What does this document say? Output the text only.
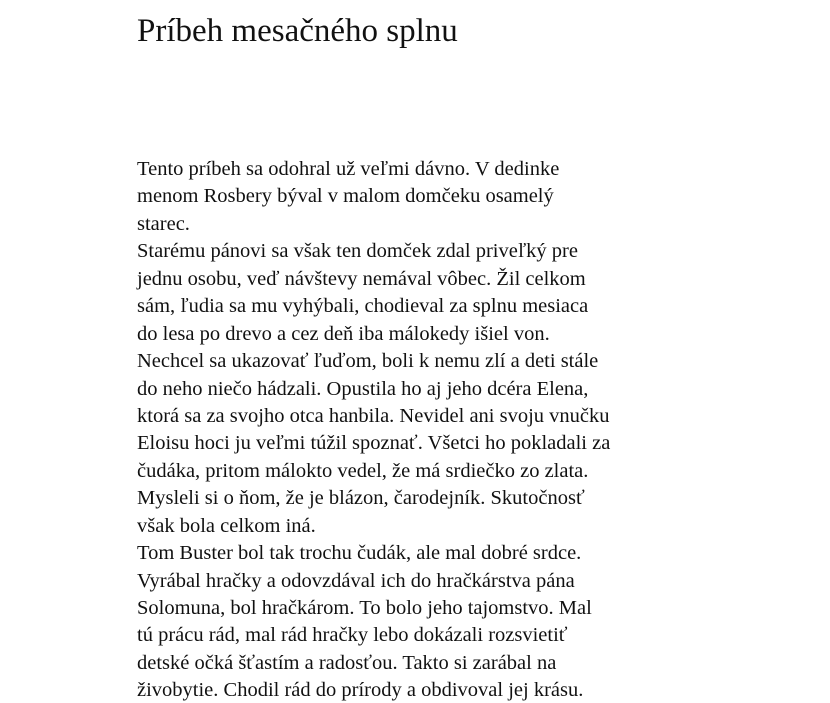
Príbeh mesačného splnu
Tento príbeh sa odohral už veľmi dávno. V dedinke
menom Rosbery býval v malom domčeku osamelý
starec.
Starému pánovi sa však ten domček zdal priveľký pre
jednu osobu, veď návštevy nemával vôbec. Žil celkom
sám, ľudia sa mu vyhýbali, chodieval za splnu mesiaca
do lesa po drevo a cez deň iba málokedy išiel von.
Nechcel sa ukazovať ľuďom, boli k nemu zlí a deti stále
do neho niečo hádzali. Opustila ho aj jeho dcéra Elena,
ktorá sa za svojho otca hanbila. Nevidel ani svoju vnučku
Eloisu hoci ju veľmi túžil spoznať. Všetci ho pokladali za
čudáka, pritom málokto vedel, že má srdiečko zo zlata.
Mysleli si o ňom, že je blázon, čarodejník. Skutočnosť
však bola celkom iná.
Tom Buster bol tak trochu čudák, ale mal dobré srdce.
Vyrábal hračky a odovzdával ich do hračkárstva pána
Solomuna, bol hračkárom. To bolo jeho tajomstvo. Mal
tú prácu rád, mal rád hračky lebo dokázali rozsvietiť
detské očká šťastím a radosťou. Takto si zarábal na
živobytie. Chodil rád do prírody a obdivoval jej krásu.
